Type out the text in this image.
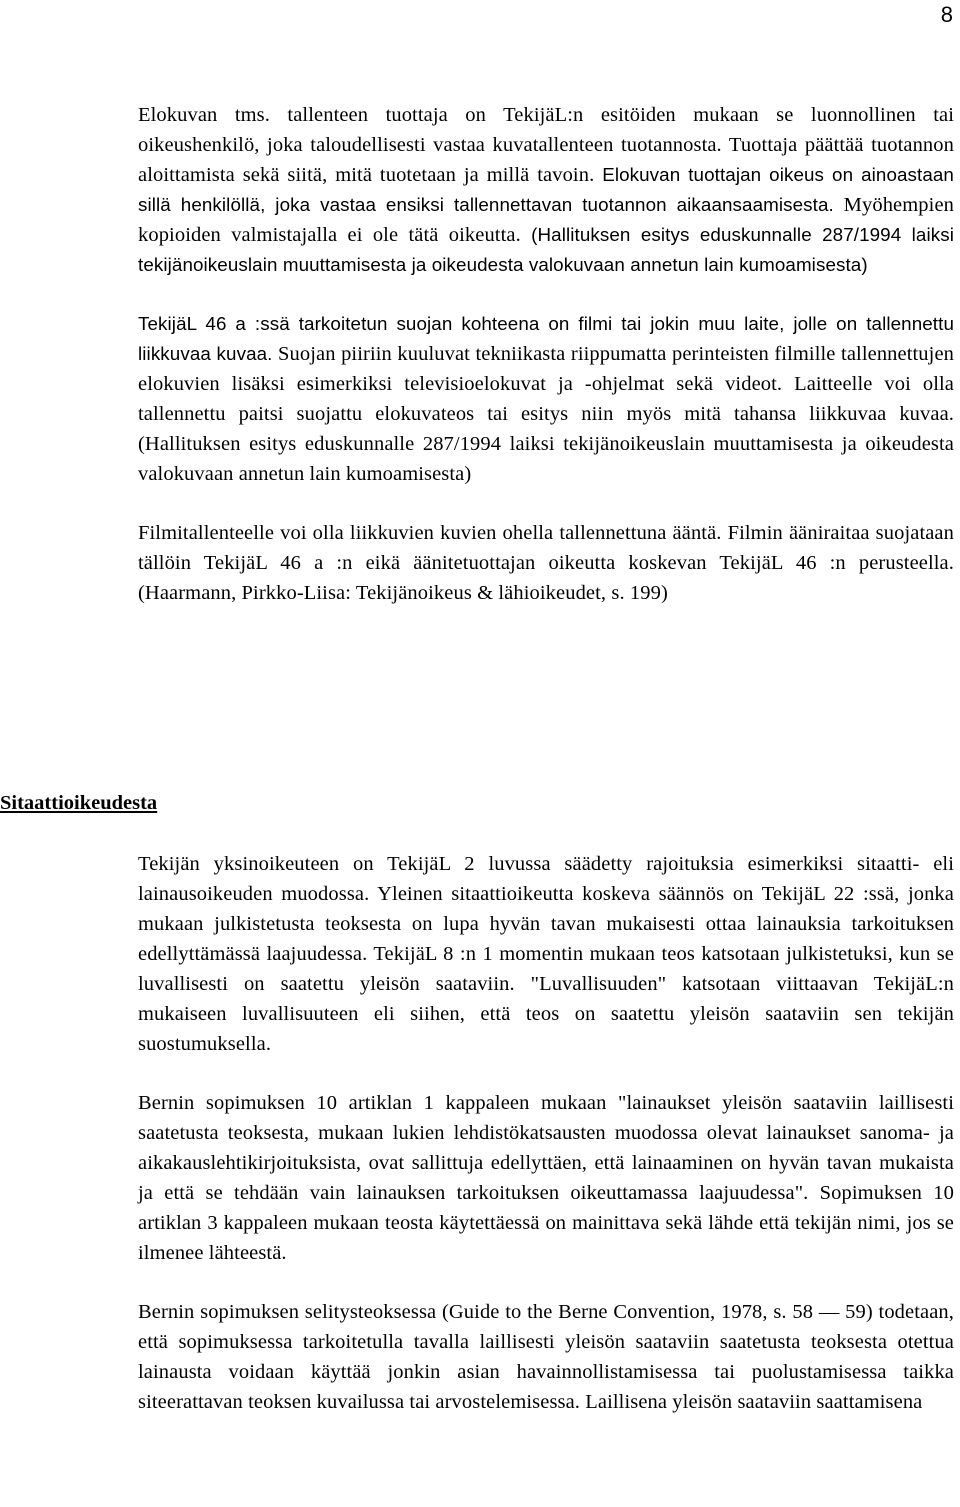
8

Elokuvan tms. tallenteen tuottaja on TekijäL:n esitöiden mukaan se luonnollinen tai oikeushenkilö, joka taloudellisesti vastaa kuvatallenteen tuotannosta. Tuottaja päättää tuotannon aloittamista sekä siitä, mitä tuotetaan ja millä tavoin. Elokuvan tuottajan oikeus on ainoastaan sillä henkilöllä, joka vastaa ensiksi tallennettavan tuotannon aikaansaamisesta. Myöhempien kopioiden valmistajalla ei ole tätä oikeutta. (Hallituksen esitys eduskunnalle 287/1994 laiksi tekijänoikeuslain muuttamisesta ja oikeudesta valokuvaan annetun lain kumoamisesta)

TekijäL 46 a :ssä tarkoitetun suojan kohteena on filmi tai jokin muu laite, jolle on tallennettu liikkuvaa kuvaa. Suojan piiriin kuuluvat tekniikasta riippumatta perinteisten filmille tallennettujen elokuvien lisäksi esimerkiksi televisioelokuvat ja -ohjelmat sekä videot. Laitteelle voi olla tallennettu paitsi suojattu elokuvateos tai esitys niin myös mitä tahansa liikkuvaa kuvaa. (Hallituksen esitys eduskunnalle 287/1994 laiksi tekijänoikeuslain muuttamisesta ja oikeudesta valokuvaan annetun lain kumoamisesta)

Filmitallenteelle voi olla liikkuvien kuvien ohella tallennettuna ääntä. Filmin ääniraitaa suojataan tällöin TekijäL 46 a :n eikä äänitetuottajan oikeutta koskevan TekijäL 46 :n perusteella. (Haarmann, Pirkko-Liisa: Tekijänoikeus & lähioikeudet, s. 199)

Sitaattioikeudesta

Tekijän yksinoikeuteen on TekijäL 2 luvussa säädetty rajoituksia esimerkiksi sitaatti- eli lainausoikeuden muodossa. Yleinen sitaattioikeutta koskeva säännös on TekijäL 22 :ssä, jonka mukaan julkistetusta teoksesta on lupa hyvän tavan mukaisesti ottaa lainauksia tarkoituksen edellyttämässä laajuudessa. TekijäL 8 :n 1 momentin mukaan teos katsotaan julkistetuksi, kun se luvallisesti on saatettu yleisön saataviin. "Luvallisuuden" katsotaan viittaavan TekijäL:n mukaiseen luvallisuuteen eli siihen, että teos on saatettu yleisön saataviin sen tekijän suostumuksella.

Bernin sopimuksen 10 artiklan 1 kappaleen mukaan "lainaukset yleisön saataviin laillisesti saatetusta teoksesta, mukaan lukien lehdistökatsausten muodossa olevat lainaukset sanoma- ja aikakauslehtikirjoituksista, ovat sallittuja edellyttäen, että lainaaminen on hyvän tavan mukaista ja että se tehdään vain lainauksen tarkoituksen oikeuttamassa laajuudessa". Sopimuksen 10 artiklan 3 kappaleen mukaan teosta käytettäessä on mainittava sekä lähde että tekijän nimi, jos se ilmenee lähteestä.

Bernin sopimuksen selitysteoksessa (Guide to the Berne Convention, 1978, s. 58 — 59) todetaan, että sopimuksessa tarkoitetulla tavalla laillisesti yleisön saataviin saatetusta teoksesta otettua lainausta voidaan käyttää jonkin asian havainnollistamisessa tai puolustamisessa taikka siteerattavan teoksen kuvailussa tai arvostelemisessa. Laillisena yleisön saataviin saattamisena
